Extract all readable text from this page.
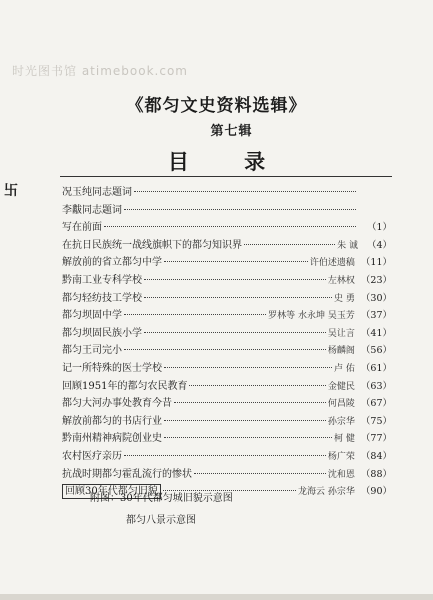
时光图书馆 atimebook.com
卐
《都匀文史资料选辑》
第七辑
目 录
况玉纯同志题词
李黻同志题词
写在前面	（1）
在抗日民族统一战线旗帜下的都匀知识界	朱 诚 （4）
解放前的省立都匀中学	许伯述遗稿 （11）
黔南工业专科学校	左林权 （23）
都匀轻纺技工学校	史 勇 （30）
都匀坝固中学	罗林等 水永坤 吴玉芳 （37）
都匀坝固民族小学	吴让言 （41）
都匀王司完小	杨麟阁 （56）
记一所特殊的医士学校	卢 佑 （61）
回顾1951年的都匀农民教育	金健民 （63）
都匀大河办事处教育今昔	何昌陵 （67）
解放前都匀的书店行业	孙宗华 （75）
黔南州精神病院创业史	柯 健 （77）
农村医疗亲历	杨广荣 （84）
抗战时期都匀霍乱流行的惨状	沈和恩 （88）
回顾30年代都匀旧貌	龙海云 孙宗华 （90）
附图：30年代都匀城旧貌示意图
都匀八景示意图
